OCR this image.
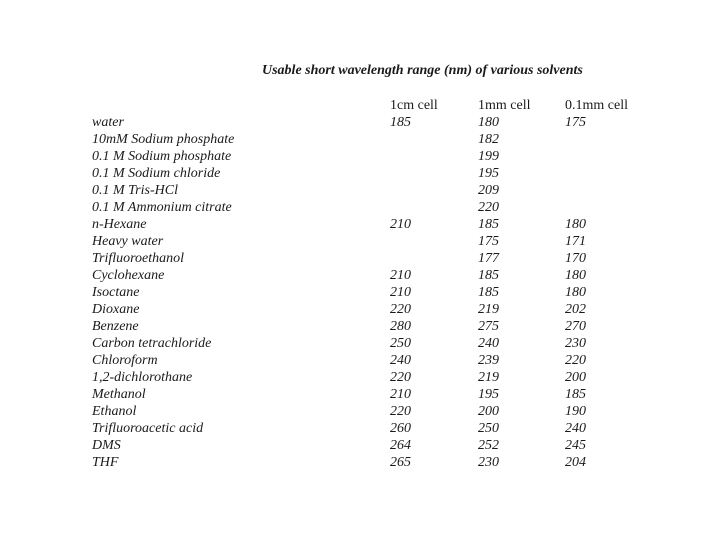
Usable short wavelength range (nm) of various solvents
	1cm cell	1mm cell	0.1mm cell
water	185	180	175
10mM Sodium phosphate		182	
0.1 M Sodium phosphate		199	
0.1 M Sodium chloride		195	
0.1 M Tris-HCl		209	
0.1 M Ammonium citrate		220	
n-Hexane	210	185	180
Heavy water		175	171
Trifluoroethanol		177	170
Cyclohexane	210	185	180
Isoctane	210	185	180
Dioxane	220	219	202
Benzene	280	275	270
Carbon tetrachloride	250	240	230
Chloroform	240	239	220
1,2-dichlorothane	220	219	200
Methanol	210	195	185
Ethanol	220	200	190
Trifluoroacetic acid	260	250	240
DMS	264	252	245
THF	265	230	204
